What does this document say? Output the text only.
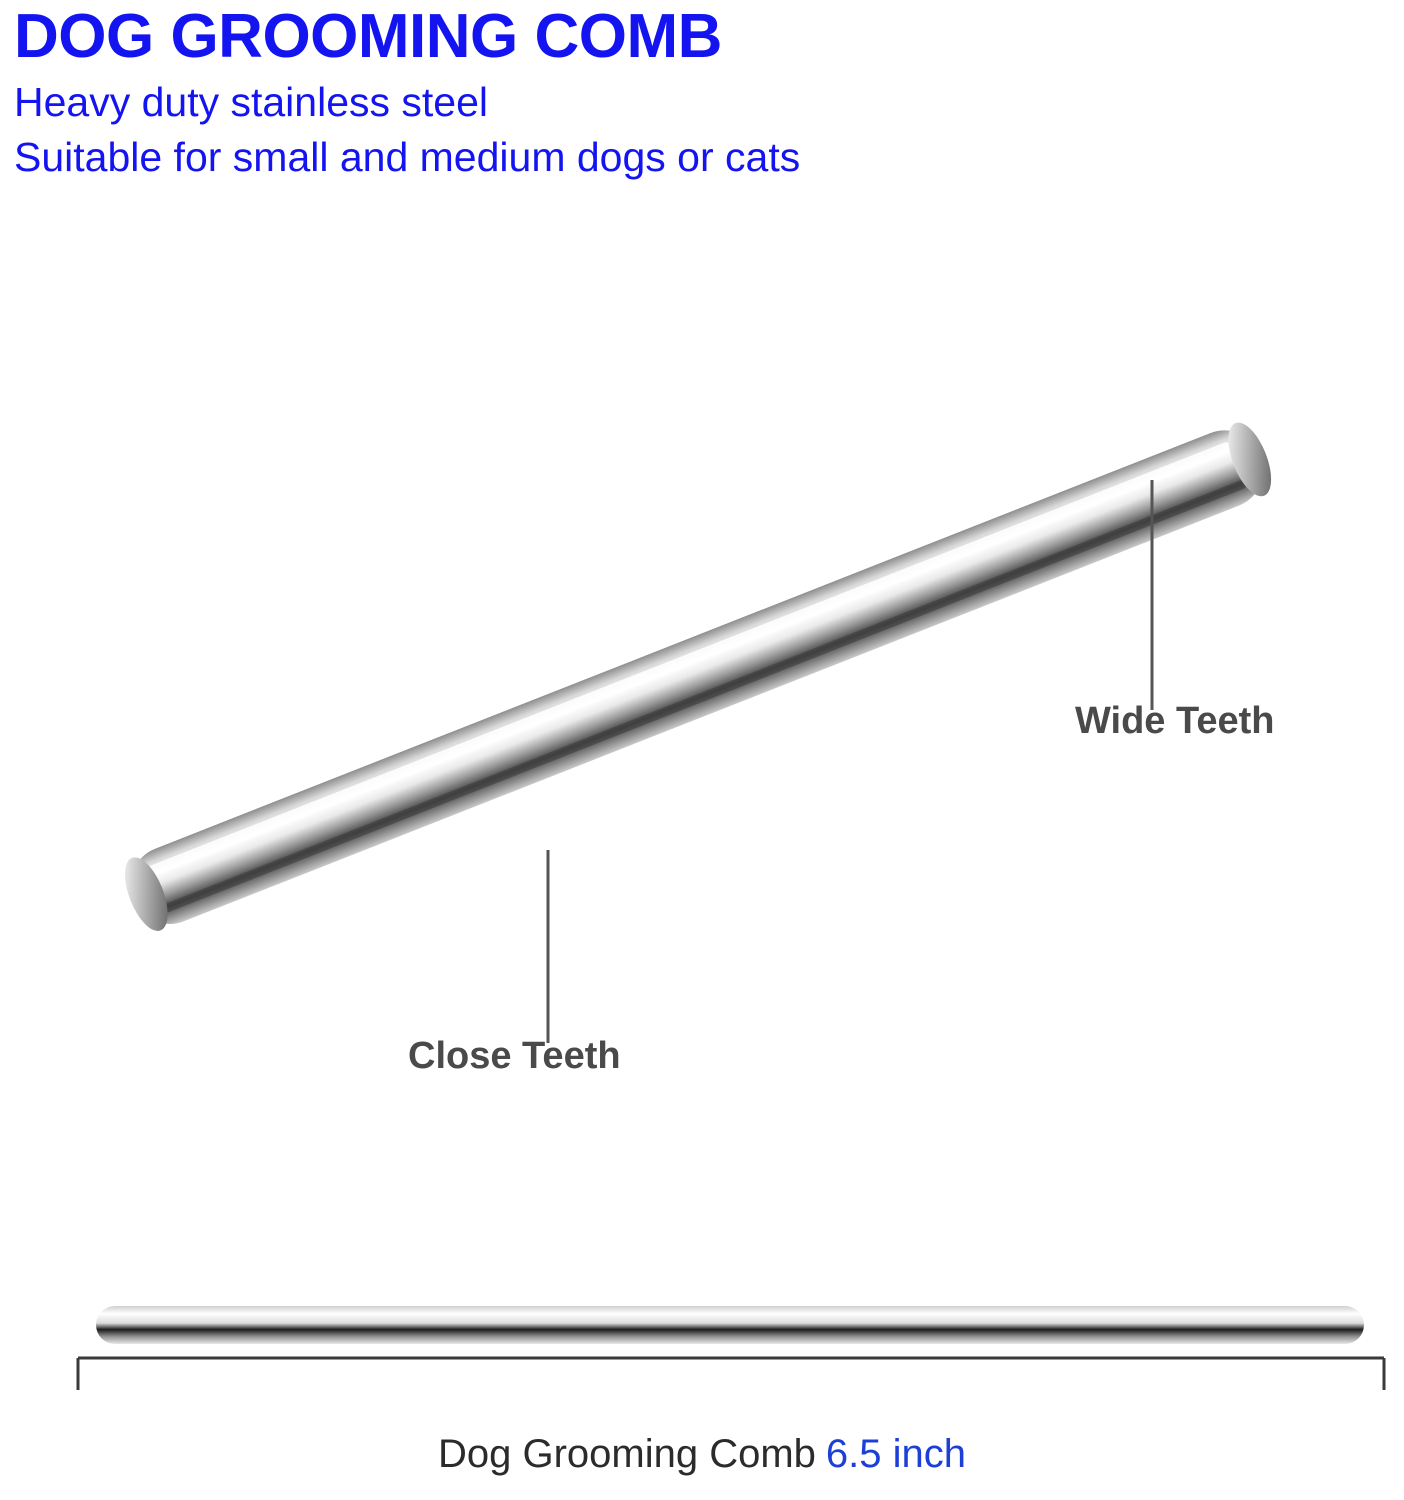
DOG GROOMING COMB

Heavy duty stainless steel

Suitable for small and medium dogs or cats

Wide Teeth
Close Teeth
Dog Grooming Comb 6.5 inch
